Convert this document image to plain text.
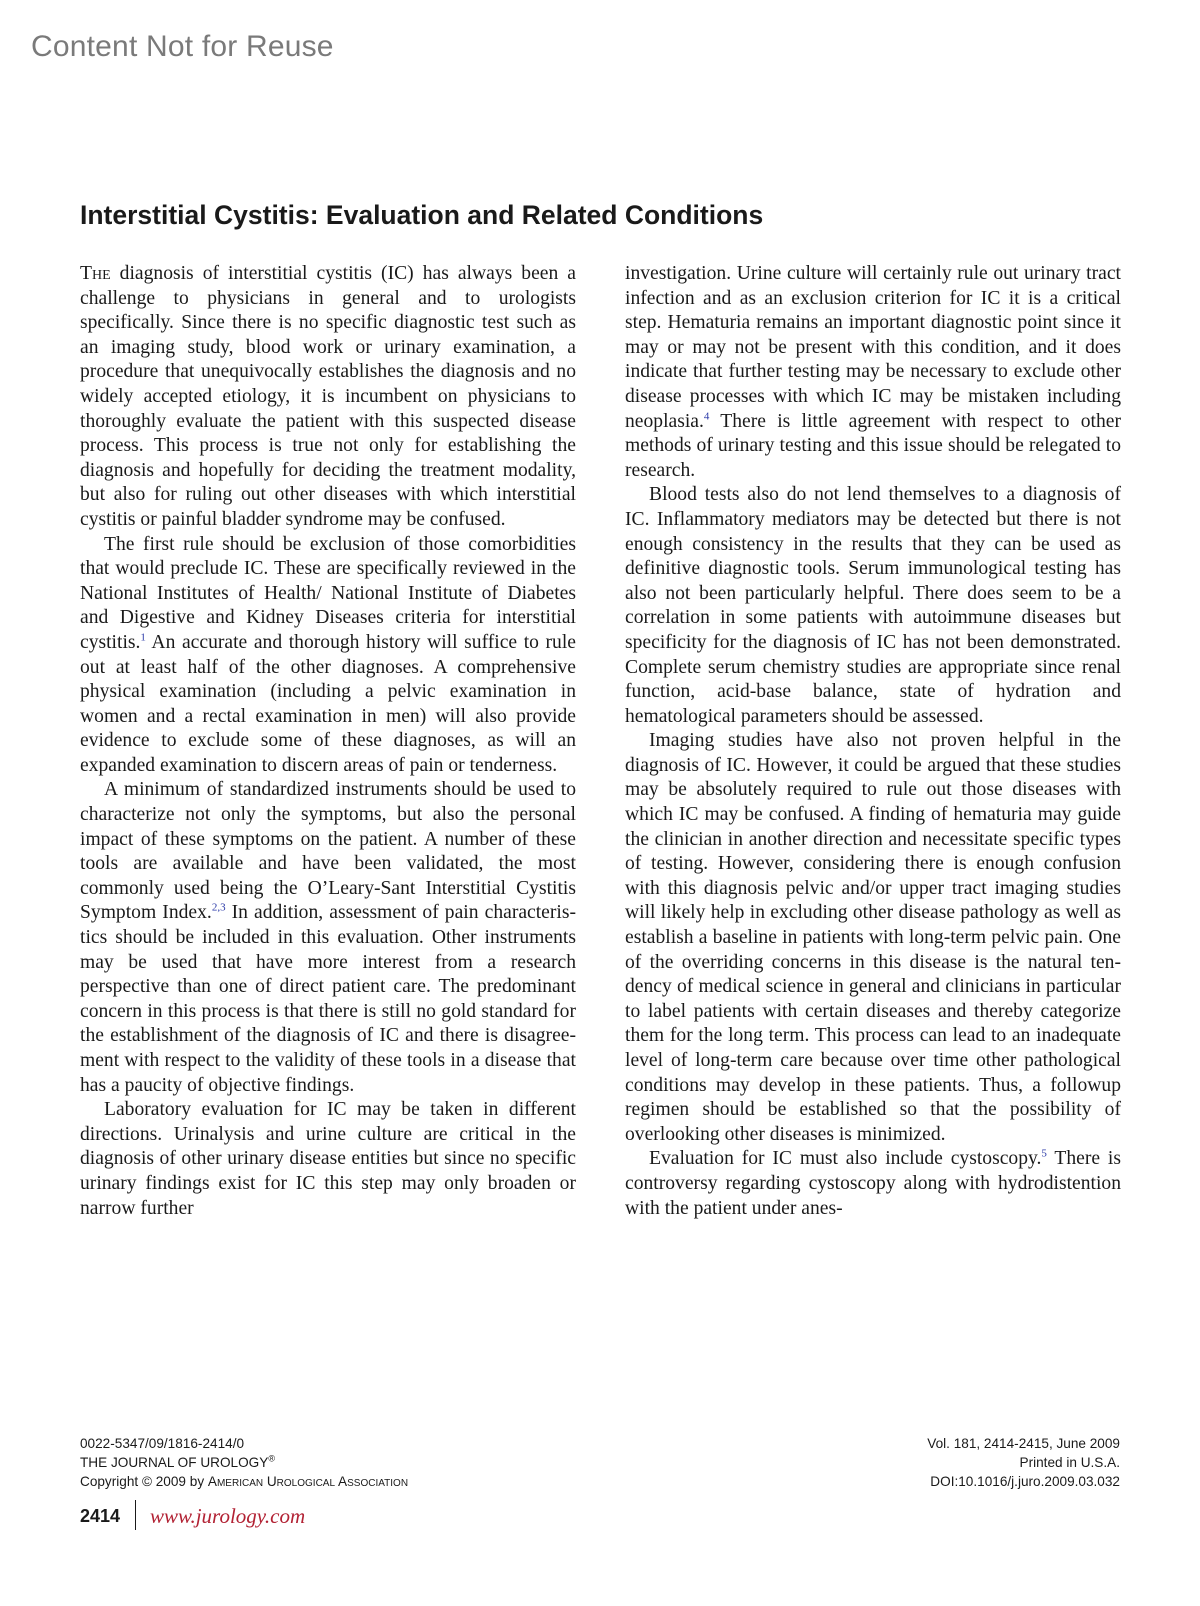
Content Not for Reuse
Interstitial Cystitis: Evaluation and Related Conditions

The diagnosis of interstitial cystitis (IC) has always been a challenge to physicians in general and to urologists specifically. Since there is no specific diagnostic test such as an imaging study, blood work or urinary examination, a procedure that unequivocally establishes the diagnosis and no widely accepted etiology, it is incumbent on physicians to thoroughly evaluate the patient with this suspected disease process. This process is true not only for establishing the diagnosis and hopefully for deciding the treatment modality, but also for ruling out other diseases with which interstitial cystitis or painful bladder syndrome may be confused.

The first rule should be exclusion of those comorbidities that would preclude IC. These are specifically reviewed in the National Institutes of Health/ National Institute of Diabetes and Digestive and Kidney Diseases criteria for interstitial cystitis.$^1$ An accurate and thorough history will suffice to rule out at least half of the other diagnoses. A comprehensive physical examination (including a pelvic examination in women and a rectal examination in men) will also provide evidence to exclude some of these diagnoses, as will an expanded examination to discern areas of pain or tenderness.

A minimum of standardized instruments should be used to characterize not only the symptoms, but also the personal impact of these symptoms on the patient. A number of these tools are available and have been validated, the most commonly used being the O’Leary-Sant Interstitial Cystitis Symptom Index.$^{2,3}$ In addition, assessment of pain characteristics should be included in this evaluation. Other instruments may be used that have more interest from a research perspective than one of direct patient care. The predominant concern in this process is that there is still no gold standard for the establishment of the diagnosis of IC and there is disagreement with respect to the validity of these tools in a disease that has a paucity of objective findings.

Laboratory evaluation for IC may be taken in different directions. Urinalysis and urine culture are critical in the diagnosis of other urinary disease entities but since no specific urinary findings exist for IC this step may only broaden or narrow further

investigation. Urine culture will certainly rule out urinary tract infection and as an exclusion criterion for IC it is a critical step. Hematuria remains an important diagnostic point since it may or may not be present with this condition, and it does indicate that further testing may be necessary to exclude other disease processes with which IC may be mistaken including neoplasia.$^4$ There is little agreement with respect to other methods of urinary testing and this issue should be relegated to research.

Blood tests also do not lend themselves to a diagnosis of IC. Inflammatory mediators may be detected but there is not enough consistency in the results that they can be used as definitive diagnostic tools. Serum immunological testing has also not been particularly helpful. There does seem to be a correlation in some patients with autoimmune diseases but specificity for the diagnosis of IC has not been demonstrated. Complete serum chemistry studies are appropriate since renal function, acid-base balance, state of hydration and hematological parameters should be assessed.

Imaging studies have also not proven helpful in the diagnosis of IC. However, it could be argued that these studies may be absolutely required to rule out those diseases with which IC may be confused. A finding of hematuria may guide the clinician in another direction and necessitate specific types of testing. However, considering there is enough confusion with this diagnosis pelvic and/or upper tract imaging studies will likely help in excluding other disease pathology as well as establish a baseline in patients with long-term pelvic pain. One of the overriding concerns in this disease is the natural tendency of medical science in general and clinicians in particular to label patients with certain diseases and thereby categorize them for the long term. This process can lead to an inadequate level of long-term care because over time other pathological conditions may develop in these patients. Thus, a followup regimen should be established so that the possibility of overlooking other diseases is minimized.

Evaluation for IC must also include cystoscopy.$^5$ There is controversy regarding cystoscopy along with hydrodistention with the patient under anes-

0022-5347/09/1816-2414/0
THE JOURNAL OF UROLOGY®
Copyright © 2009 by American Urological Association
Vol. 181, 2414-2415, June 2009
Printed in U.S.A.
DOI:10.1016/j.juro.2009.03.032
2414 www.jurology.com
